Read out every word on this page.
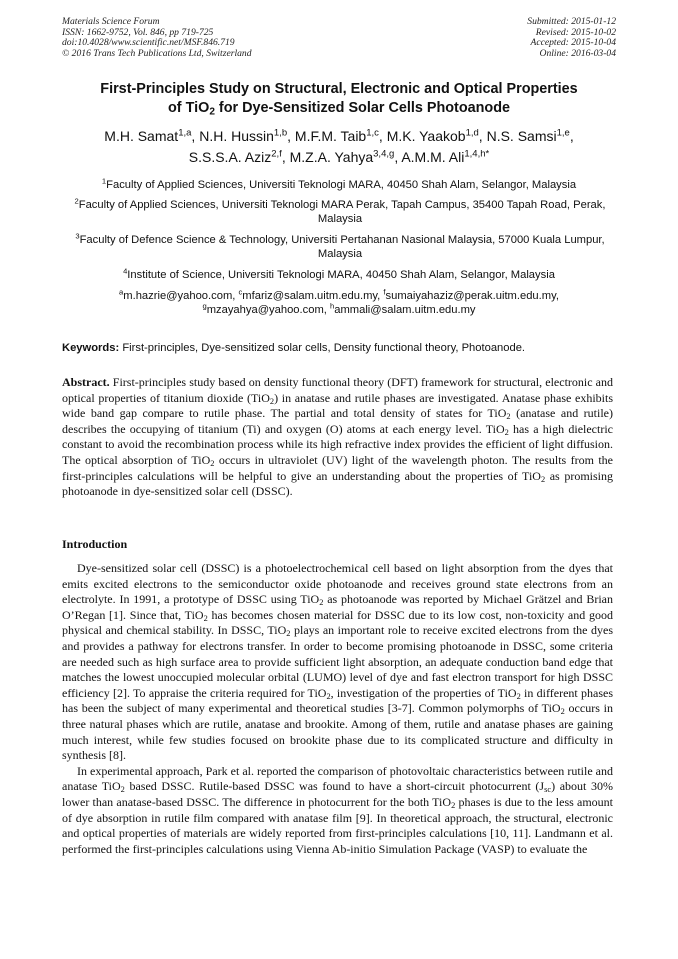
Materials Science Forum
ISSN: 1662-9752, Vol. 846, pp 719-725
doi:10.4028/www.scientific.net/MSF.846.719
© 2016 Trans Tech Publications Ltd, Switzerland
Submitted: 2015-01-12
Revised: 2015-10-02
Accepted: 2015-10-04
Online: 2016-03-04
First-Principles Study on Structural, Electronic and Optical Properties
of TiO$_2$ for Dye-Sensitized Solar Cells Photoanode
M.H. Samat$^{1,a}$, N.H. Hussin$^{1,b}$, M.F.M. Taib$^{1,c}$, M.K. Yaakob$^{1,d}$, N.S. Samsi$^{1,e}$,
S.S.S.A. Aziz$^{2,f}$, M.Z.A. Yahya$^{3,4,g}$, A.M.M. Ali$^{1,4,h*}$
$^1$Faculty of Applied Sciences, Universiti Teknologi MARA, 40450 Shah Alam, Selangor, Malaysia
$^2$Faculty of Applied Sciences, Universiti Teknologi MARA Perak, Tapah Campus, 35400 Tapah Road, Perak, Malaysia
$^3$Faculty of Defence Science & Technology, Universiti Pertahanan Nasional Malaysia, 57000 Kuala Lumpur, Malaysia
$^4$Institute of Science, Universiti Teknologi MARA, 40450 Shah Alam, Selangor, Malaysia
$^a$m.hazrie@yahoo.com, $^c$mfariz@salam.uitm.edu.my, $^f$sumaiyahaziz@perak.uitm.edu.my,
$^g$mzayahya@yahoo.com, $^h$ammali@salam.uitm.edu.my
Keywords: First-principles, Dye-sensitized solar cells, Density functional theory, Photoanode.
Abstract. First-principles study based on density functional theory (DFT) framework for structural, electronic and optical properties of titanium dioxide (TiO$_2$) in anatase and rutile phases are investigated. Anatase phase exhibits wide band gap compare to rutile phase. The partial and total density of states for TiO$_2$ (anatase and rutile) describes the occupying of titanium (Ti) and oxygen (O) atoms at each energy level. TiO$_2$ has a high dielectric constant to avoid the recombination process while its high refractive index provides the efficient of light diffusion. The optical absorption of TiO$_2$ occurs in ultraviolet (UV) light of the wavelength photon. The results from the first-principles calculations will be helpful to give an understanding about the properties of TiO$_2$ as promising photoanode in dye-sensitized solar cell (DSSC).
Introduction

Dye-sensitized solar cell (DSSC) is a photoelectrochemical cell based on light absorption from the dyes that emits excited electrons to the semiconductor oxide photoanode and receives ground state electrons from an electrolyte. In 1991, a prototype of DSSC using TiO$_2$ as photoanode was reported by Michael Grätzel and Brian O’Regan [1]. Since that, TiO$_2$ has becomes chosen material for DSSC due to its low cost, non-toxicity and good physical and chemical stability. In DSSC, TiO$_2$ plays an important role to receive excited electrons from the dyes and provides a pathway for electrons transfer. In order to become promising photoanode in DSSC, some criteria are needed such as high surface area to provide sufficient light absorption, an adequate conduction band edge that matches the lowest unoccupied molecular orbital (LUMO) level of dye and fast electron transport for high DSSC efficiency [2]. To appraise the criteria required for TiO$_2$, investigation of the properties of TiO$_2$ in different phases has been the subject of many experimental and theoretical studies [3-7]. Common polymorphs of TiO$_2$ occurs in three natural phases which are rutile, anatase and brookite. Among of them, rutile and anatase phases are gaining much interest, while few studies focused on brookite phase due to its complicated structure and difficulty in synthesis [8].

In experimental approach, Park et al. reported the comparison of photovoltaic characteristics between rutile and anatase TiO$_2$ based DSSC. Rutile-based DSSC was found to have a short-circuit photocurrent $(J_{sc})$ about 30% lower than anatase-based DSSC. The difference in photocurrent for the both TiO$_2$ phases is due to the less amount of dye absorption in rutile film compared with anatase film [9]. In theoretical approach, the structural, electronic and optical properties of materials are widely reported from first-principles calculations [10, 11]. Landmann et al. performed the first-principles calculations using Vienna Ab-initio Simulation Package (VASP) to evaluate the
